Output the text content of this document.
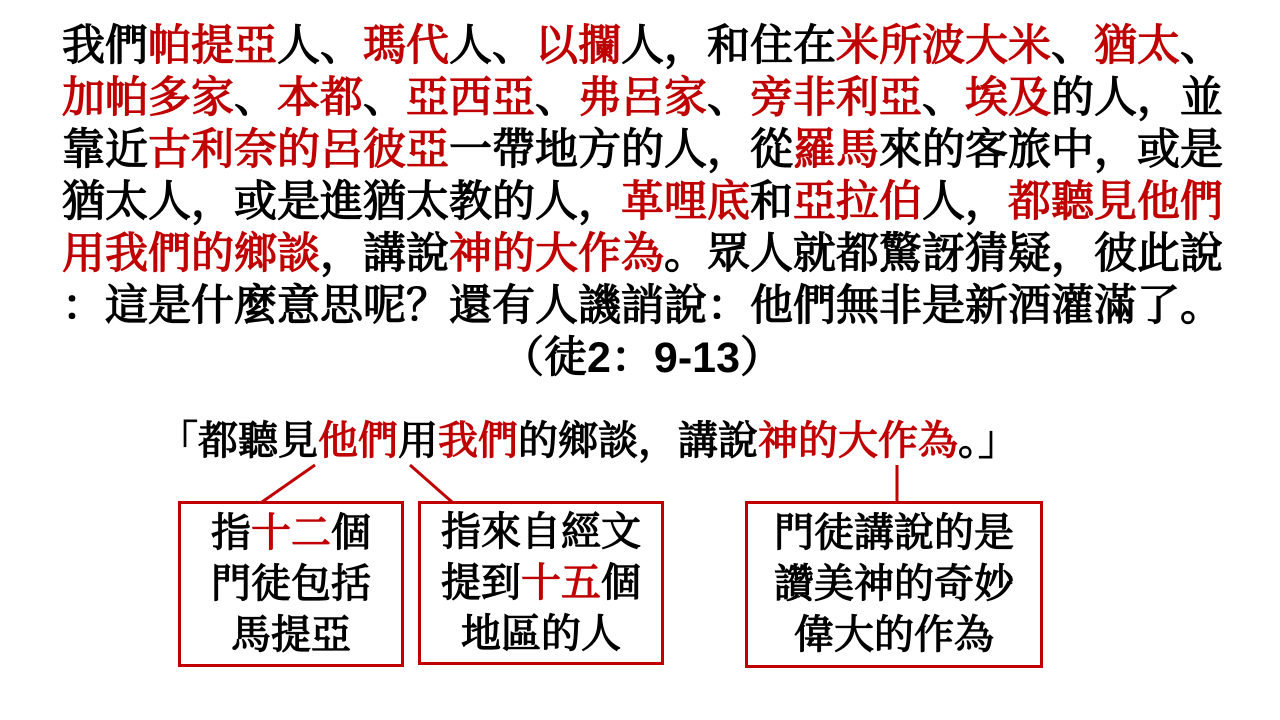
我們帕提亞人、瑪代人、以攔人，和住在米所波大米、猶太、
加帕多家、本都、亞西亞、弗呂家、旁非利亞、埃及的人，並
靠近古利奈的呂彼亞一帶地方的人，從羅馬來的客旅中，或是
猶太人，或是進猶太教的人，革哩底和亞拉伯人，都聽見他們
用我們的鄉談，講說神的大作為。眾人就都驚訝猜疑，彼此說
：這是什麼意思呢？還有人譏誚說：他們無非是新酒灌滿了。
（徒2：9-13）
「都聽見他們用我們的鄉談，講說神的大作為。」
指十二個
門徒包括
馬提亞
指來自經文
提到十五個
地區的人
門徒講說的是
讚美神的奇妙
偉大的作為
